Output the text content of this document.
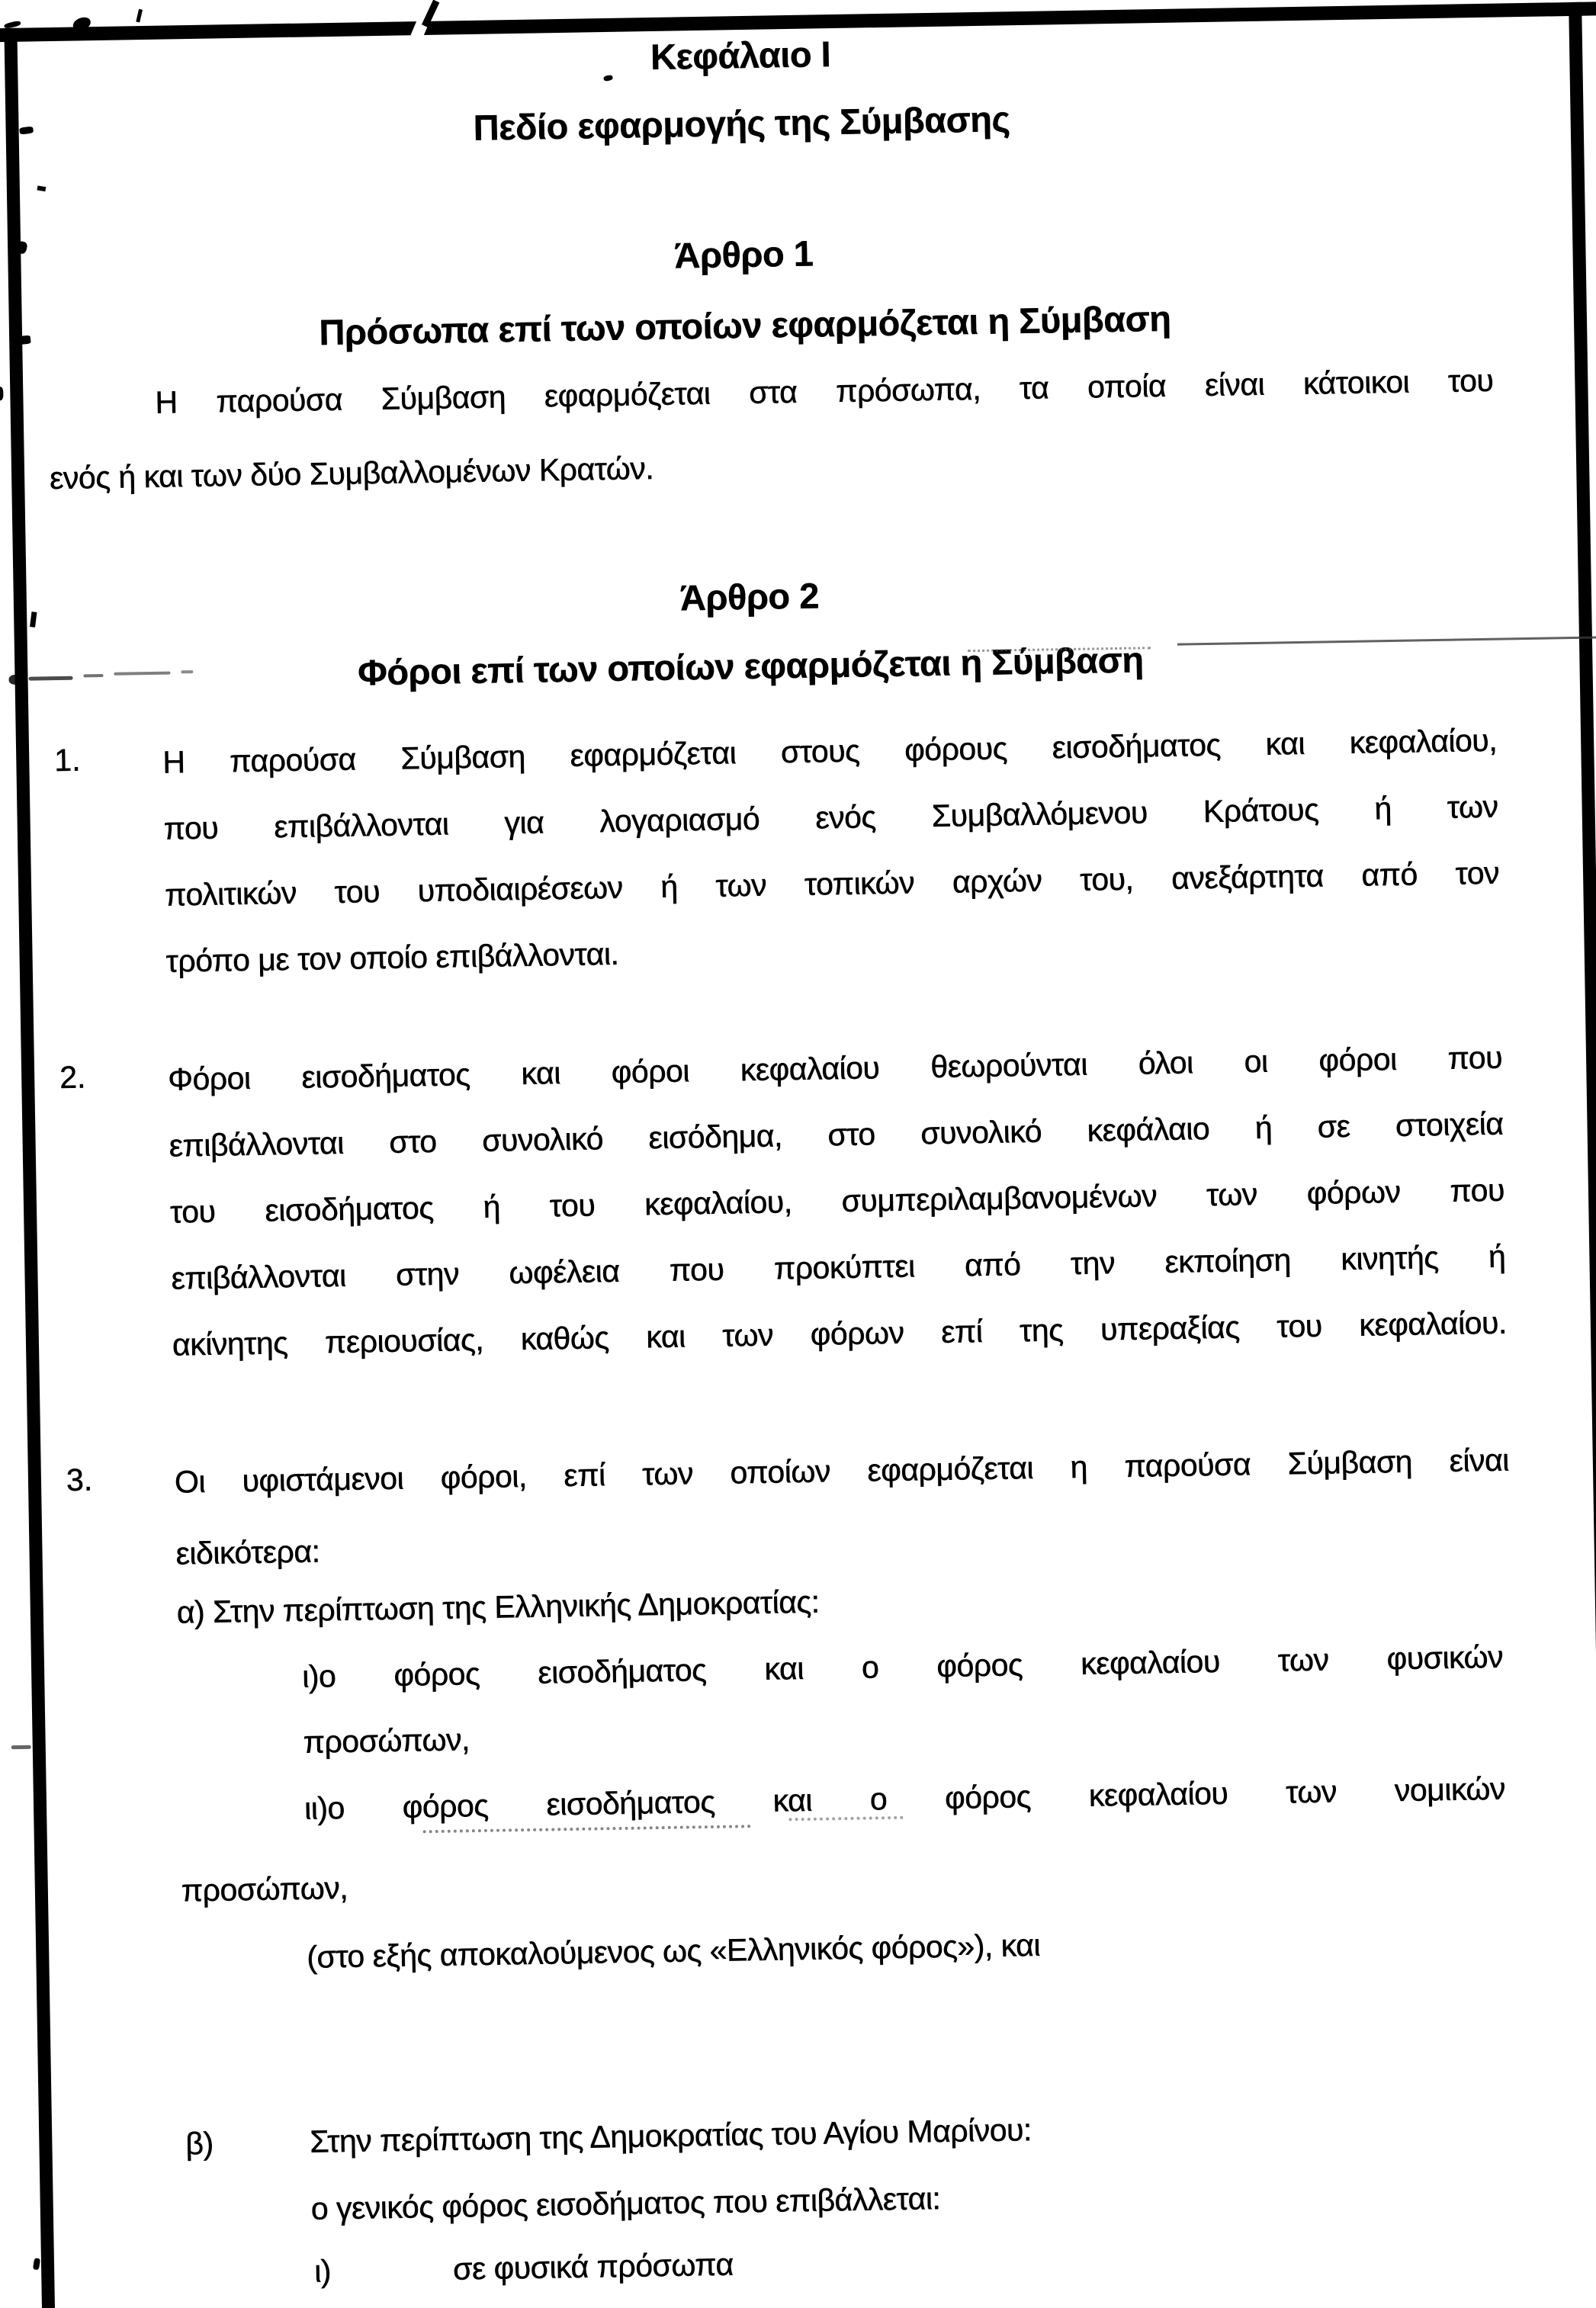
Κεφάλαιο I
Πεδίο εφαρμογής της Σύμβασης
Άρθρο 1
Πρόσωπα επί των οποίων εφαρμόζεται η Σύμβαση
Η παρούσα Σύμβαση εφαρμόζεται στα πρόσωπα, τα οποία είναι κάτοικοι του
ενός ή και των δύο Συμβαλλομένων Κρατών.
Άρθρο 2
Φόροι επί των οποίων εφαρμόζεται η Σύμβαση
1.	Η παρούσα Σύμβαση εφαρμόζεται στους φόρους εισοδήματος και κεφαλαίου,
που επιβάλλονται για λογαριασμό ενός Συμβαλλόμενου Κράτους ή των
πολιτικών του υποδιαιρέσεων ή των τοπικών αρχών του, ανεξάρτητα από τον
τρόπο με τον οποίο επιβάλλονται.
2.	Φόροι εισοδήματος και φόροι κεφαλαίου θεωρούνται όλοι οι φόροι που
επιβάλλονται στο συνολικό εισόδημα, στο συνολικό κεφάλαιο ή σε στοιχεία
του εισοδήματος ή του κεφαλαίου, συμπεριλαμβανομένων των φόρων που
επιβάλλονται στην ωφέλεια που προκύπτει από την εκποίηση κινητής ή
ακίνητης περιουσίας, καθώς και των φόρων επί της υπεραξίας του κεφαλαίου.
3.	Οι υφιστάμενοι φόροι, επί των οποίων εφαρμόζεται η παρούσα Σύμβαση είναι
ειδικότερα:
α) Στην περίπτωση της Ελληνικής Δημοκρατίας:
ι)ο φόρος εισοδήματος και ο φόρος κεφαλαίου των φυσικών
προσώπων,
ιι)ο φόρος εισοδήματος και ο φόρος κεφαλαίου των νομικών
προσώπων,
(στο εξής αποκαλούμενος ως «Ελληνικός φόρος»), και
β)	Στην περίπτωση της Δημοκρατίας του Αγίου Μαρίνου:
ο γενικός φόρος εισοδήματος που επιβάλλεται:
ι)	σε φυσικά πρόσωπα
